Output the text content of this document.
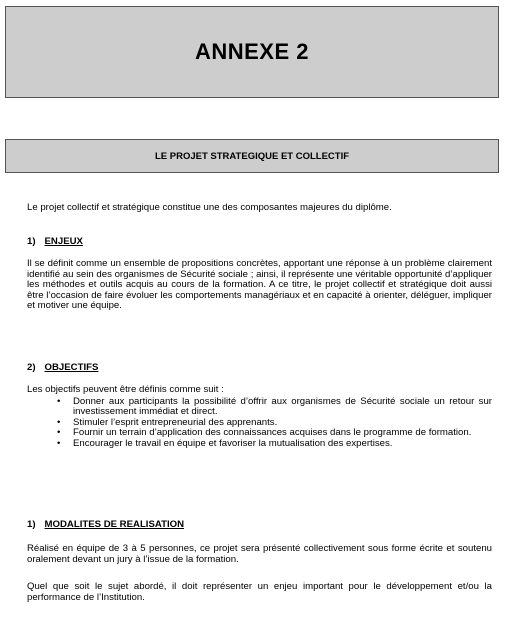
ANNEXE 2
LE PROJET STRATEGIQUE ET COLLECTIF
Le projet collectif et stratégique constitue une des composantes majeures du diplôme.
1) ENJEUX
Il se définit comme un ensemble de propositions concrètes, apportant une réponse à un problème clairement identifié au sein des organismes de Sécurité sociale ; ainsi, il représente une véritable opportunité d’appliquer les méthodes et outils acquis au cours de la formation. A ce titre, le projet collectif et stratégique doit aussi être l’occasion de faire évoluer les comportements managériaux et en capacité à orienter, déléguer, impliquer et motiver une équipe.
2) OBJECTIFS
Les objectifs peuvent être définis comme suit :
• Donner aux participants la possibilité d’offrir aux organismes de Sécurité sociale un retour sur investissement immédiat et direct.
• Stimuler l’esprit entrepreneurial des apprenants.
• Fournir un terrain d’application des connaissances acquises dans le programme de formation.
• Encourager le travail en équipe et favoriser la mutualisation des expertises.
1) MODALITES DE REALISATION
Réalisé en équipe de 3 à 5 personnes, ce projet sera présenté collectivement sous forme écrite et soutenu oralement devant un jury à l’issue de la formation.
Quel que soit le sujet abordé, il doit représenter un enjeu important pour le développement et/ou la performance de l’Institution.
